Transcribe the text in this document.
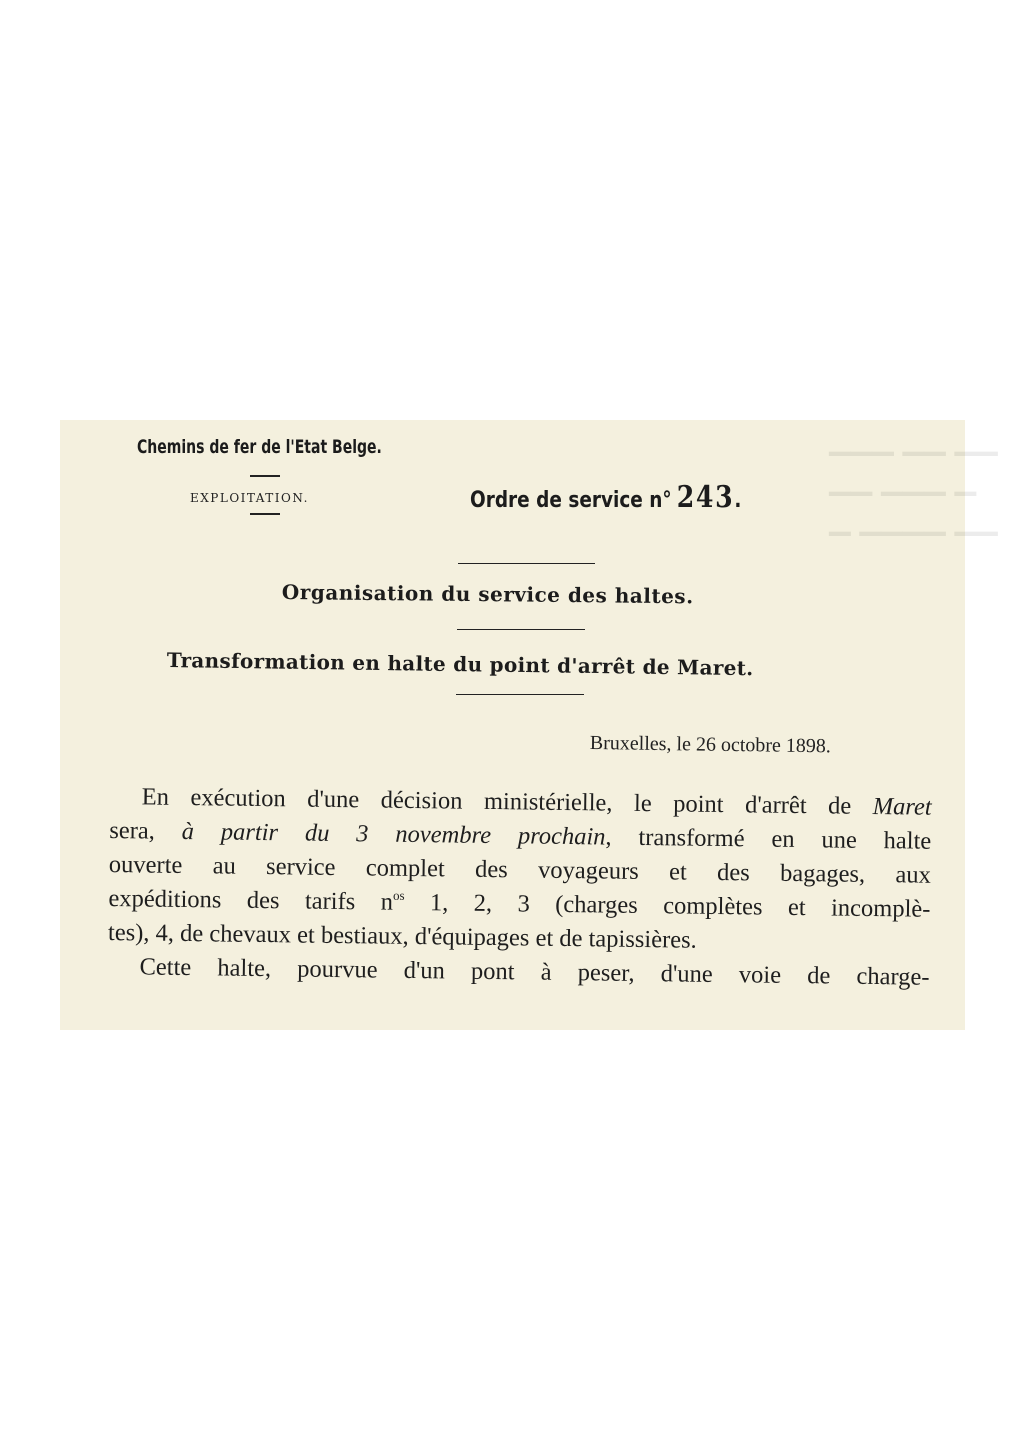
▁▁▁ ▁▁ ▁▁
▁▁ ▁▁▁ ▁
▁ ▁▁▁▁ ▁▁
Chemins de fer de l'Etat Belge.
EXPLOITATION.	Ordre de service n° 243.
Organisation du service des haltes.
Transformation en halte du point d'arrêt de Maret.
Bruxelles, le 26 octobre 1898.
En exécution d'une décision ministérielle, le point d'arrêt de Maret
sera, à partir du 3 novembre prochain, transformé en une halte
ouverte au service complet des voyageurs et des bagages, aux
expéditions des tarifs $n^{os}$ 1, 2, 3 (charges complètes et incomplè-
tes), 4, de chevaux et bestiaux, d'équipages et de tapissières.
Cette halte, pourvue d'un pont à peser, d'une voie de charge-
